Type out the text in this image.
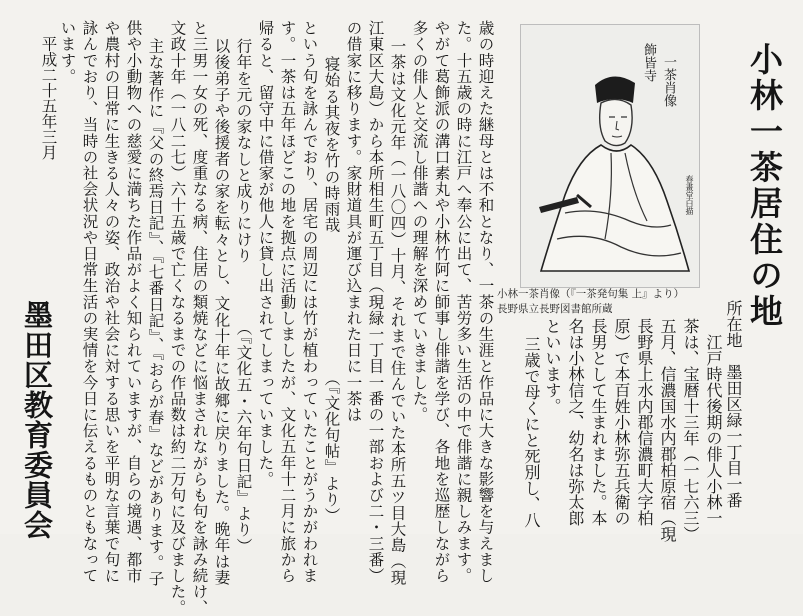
小林一茶居住の地
所在地　墨田区緑一丁目一番
江戸時代後期の俳人小林一
茶は、宝暦十三年（一七六三）
五月、信濃国水内郡柏原宿（現
長野県上水内郡信濃町大字柏
原）で本百姓小林弥五兵衛の
長男として生まれました。本
名は小林信之、幼名は弥太郎
といいます。
三歳で母くにと死別し、八
飾皆寺 一茶肖像
春畫堂白描
小林一茶肖像（『一茶発句集 上』より）
長野県立長野図書館所蔵
歳の時迎えた継母とは不和となり、一茶の生涯と作品に大きな影響を与えまし
た。十五歳の時に江戸へ奉公に出て、苦労多い生活の中で俳諧に親しみます。
やがて葛飾派の溝口素丸や小林竹阿に師事し俳諧を学び、各地を巡歴しながら
多くの俳人と交流し俳諧への理解を深めていきました。
一茶は文化元年（一八〇四）十月、それまで住んでいた本所五ツ目大島（現
江東区大島）から本所相生町五丁目（現緑一丁目一番の一部および二・三番）
の借家に移ります。家財道具が運び込まれた日に一茶は
寝始る其夜を竹の時雨哉　　　　　　　　　（『文化句帖』より）
という句を詠んでおり、居宅の周辺には竹が植わっていたことがうかがわれま
す。一茶は五年ほどこの地を拠点に活動しましたが、文化五年十二月に旅から
帰ると、留守中に借家が他人に貸し出されてしまっていました。
行年を元の家なしと成りにけり　　　　（『文化五・六年句日記』より）
以後弟子や後援者の家を転々とし、文化十年に故郷に戻りました。晩年は妻
と三男一女の死、度重なる病、住居の類焼などに悩まされながらも句を詠み続け、
文政十年（一八二七）六十五歳で亡くなるまでの作品数は約二万句に及びました。
主な著作に『父の終焉日記』、『七番日記』、『おらが春』などがあります。子
供や小動物への慈愛に満ちた作品がよく知られていますが、自らの境遇、都市
や農村の日常に生きる人々の姿、政治や社会に対する思いを平明な言葉で句に
詠んでおり、当時の社会状況や日常生活の実情を今日に伝えるものともなって
います。
平成二十五年三月
墨田区教育委員会
